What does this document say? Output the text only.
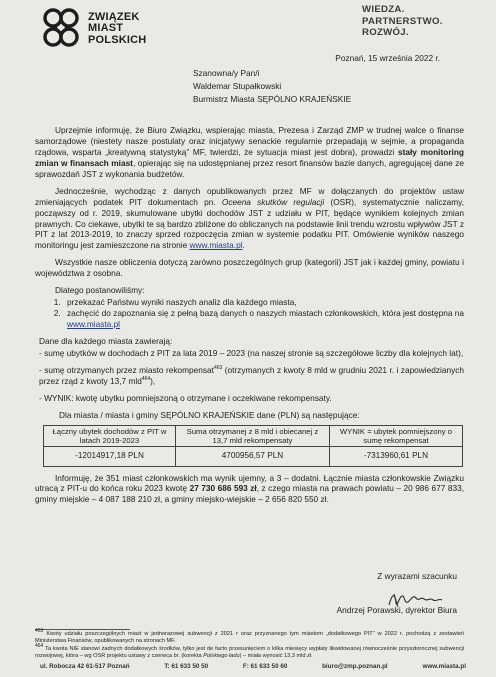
ZWIĄZEK
MIAST
POLSKICH
WIEDZA.
PARTNERSTWO.
ROZWÓJ.
Poznań, 15 września 2022 r.
Szanowna/y Pan/i
Waldemar Stupałkowski
Burmistrz Miasta SĘPÓLNO KRAJEŃSKIE

Uprzejmie informuję, że Biuro Związku, wspierając miasta, Prezesa i Zarząd ZMP w trudnej walce o finanse samorządowe (niestety nasze postulaty oraz inicjatywy senackie regularnie przepadają w sejmie, a propaganda rządowa, wsparta „kreatywną statystyką” MF, twierdzi, że sytuacja miast jest dobra), prowadzi stały monitoring zmian w finansach miast, opierając się na udostępnianej przez resort finansów bazie danych, agregującej dane ze sprawozdań JST z wykonania budżetów.

Jednocześnie, wychodząc z danych opublikowanych przez MF w dołączanych do projektów ustaw zmieniających podatek PIT dokumentach pn. Oceena skutków regulacji (OSR), systematycznie naliczamy, począwszy od r. 2019, skumulowane ubytki dochodów JST z udziału w PIT, będące wynikiem kolejnych zmian prawnych. Co ciekawe, ubytki te są bardzo zbliżone do obliczanych na podstawie linii trendu wzrostu wpływów JST z PIT z lat 2013-2019, to znaczy sprzed rozpoczęcia zmian w systemie podatku PIT. Omówienie wyników naszego monitoringu jest zamieszczone na stronie www.miasta.pl.

Wszystkie nasze obliczenia dotyczą zarówno poszczególnych grup (kategorii) JST jak i każdej gminy, powiatu i województwa z osobna.

Dlatego postanowiliśmy:

1. przekazać Państwu wyniki naszych analiz dla każdego miasta,
2. zachęcić do zapoznania się z pełną bazą danych o naszych miastach członkowskich, która jest dostępna na www.miasta.pl

Dane dla każdego miasta zawierają:

- sumę ubytków w dochodach z PIT za lata 2019 – 2023 (na naszej stronie są szczegółowe liczby dla kolejnych lat),

- sumę otrzymanych przez miasto rekompensat$^{463}$ (otrzymanych z kwoty 8 mld w grudniu 2021 r. i zapowiedzianych przez rząd z kwoty 13,7 mld$^{464}$),

- WYNIK: kwotę ubytku pomniejszoną o otrzymane i oczekiwane rekompensaty.

Dla miasta / miasta i gminy SĘPÓLNO KRAJEŃSKIE dane (PLN) są następujące:

Łączny ubytek dochodów z PIT w latach 2019-2023	Suma otrzymanej z 8 mld i obiecanej z 13,7 mld rekompensaty	WYNIK = ubytek pomniejszony o sumę rekompensat
-12014917,18 PLN	4700956,57 PLN	-7313960,61 PLN

Informuję, że 351 miast członkowskich ma wynik ujemny, a 3 – dodatni. Łącznie miasta członkowskie Związku utracą z PIT-u do końca roku 2023 kwotę 27 730 686 593 zł, z czego miasta na prawach powiatu – 20 986 677 833, gminy miejskie – 4 087 188 210 zł, a gminy miejsko-wiejskie – 2 656 820 550 zł.

Z wyrazami szacunku
Andrzej Porawski, dyrektor Biura

$^{463}$ Kwoty udziału poszczególnych miast w jednorazowej subwencji z 2021 r oraz przyznanego tym miastom „dodatkowego PIT” w 2022 r. pochodzą z zestawień Ministerstwa Finansów, opublikowanych na stronach MF.

$^{464}$ Ta kwota NIE stanowi żadnych dodatkowych środków, tylko jest de facto przesunięciem o kilka miesięcy wypłaty likwidowanej równocześnie przyszłorocznej subwencji rozwojowej, która – wg OSR projektu ustawy z czerwca br. (korekta Polskiego ładu) – miała wynosić 13,3 mld zł.

ul. Robocza 42 61-517 Poznań	T: 61 633 50 50	F: 61 633 50 60	biuro@zmp.poznan.pl	www.miasta.pl
